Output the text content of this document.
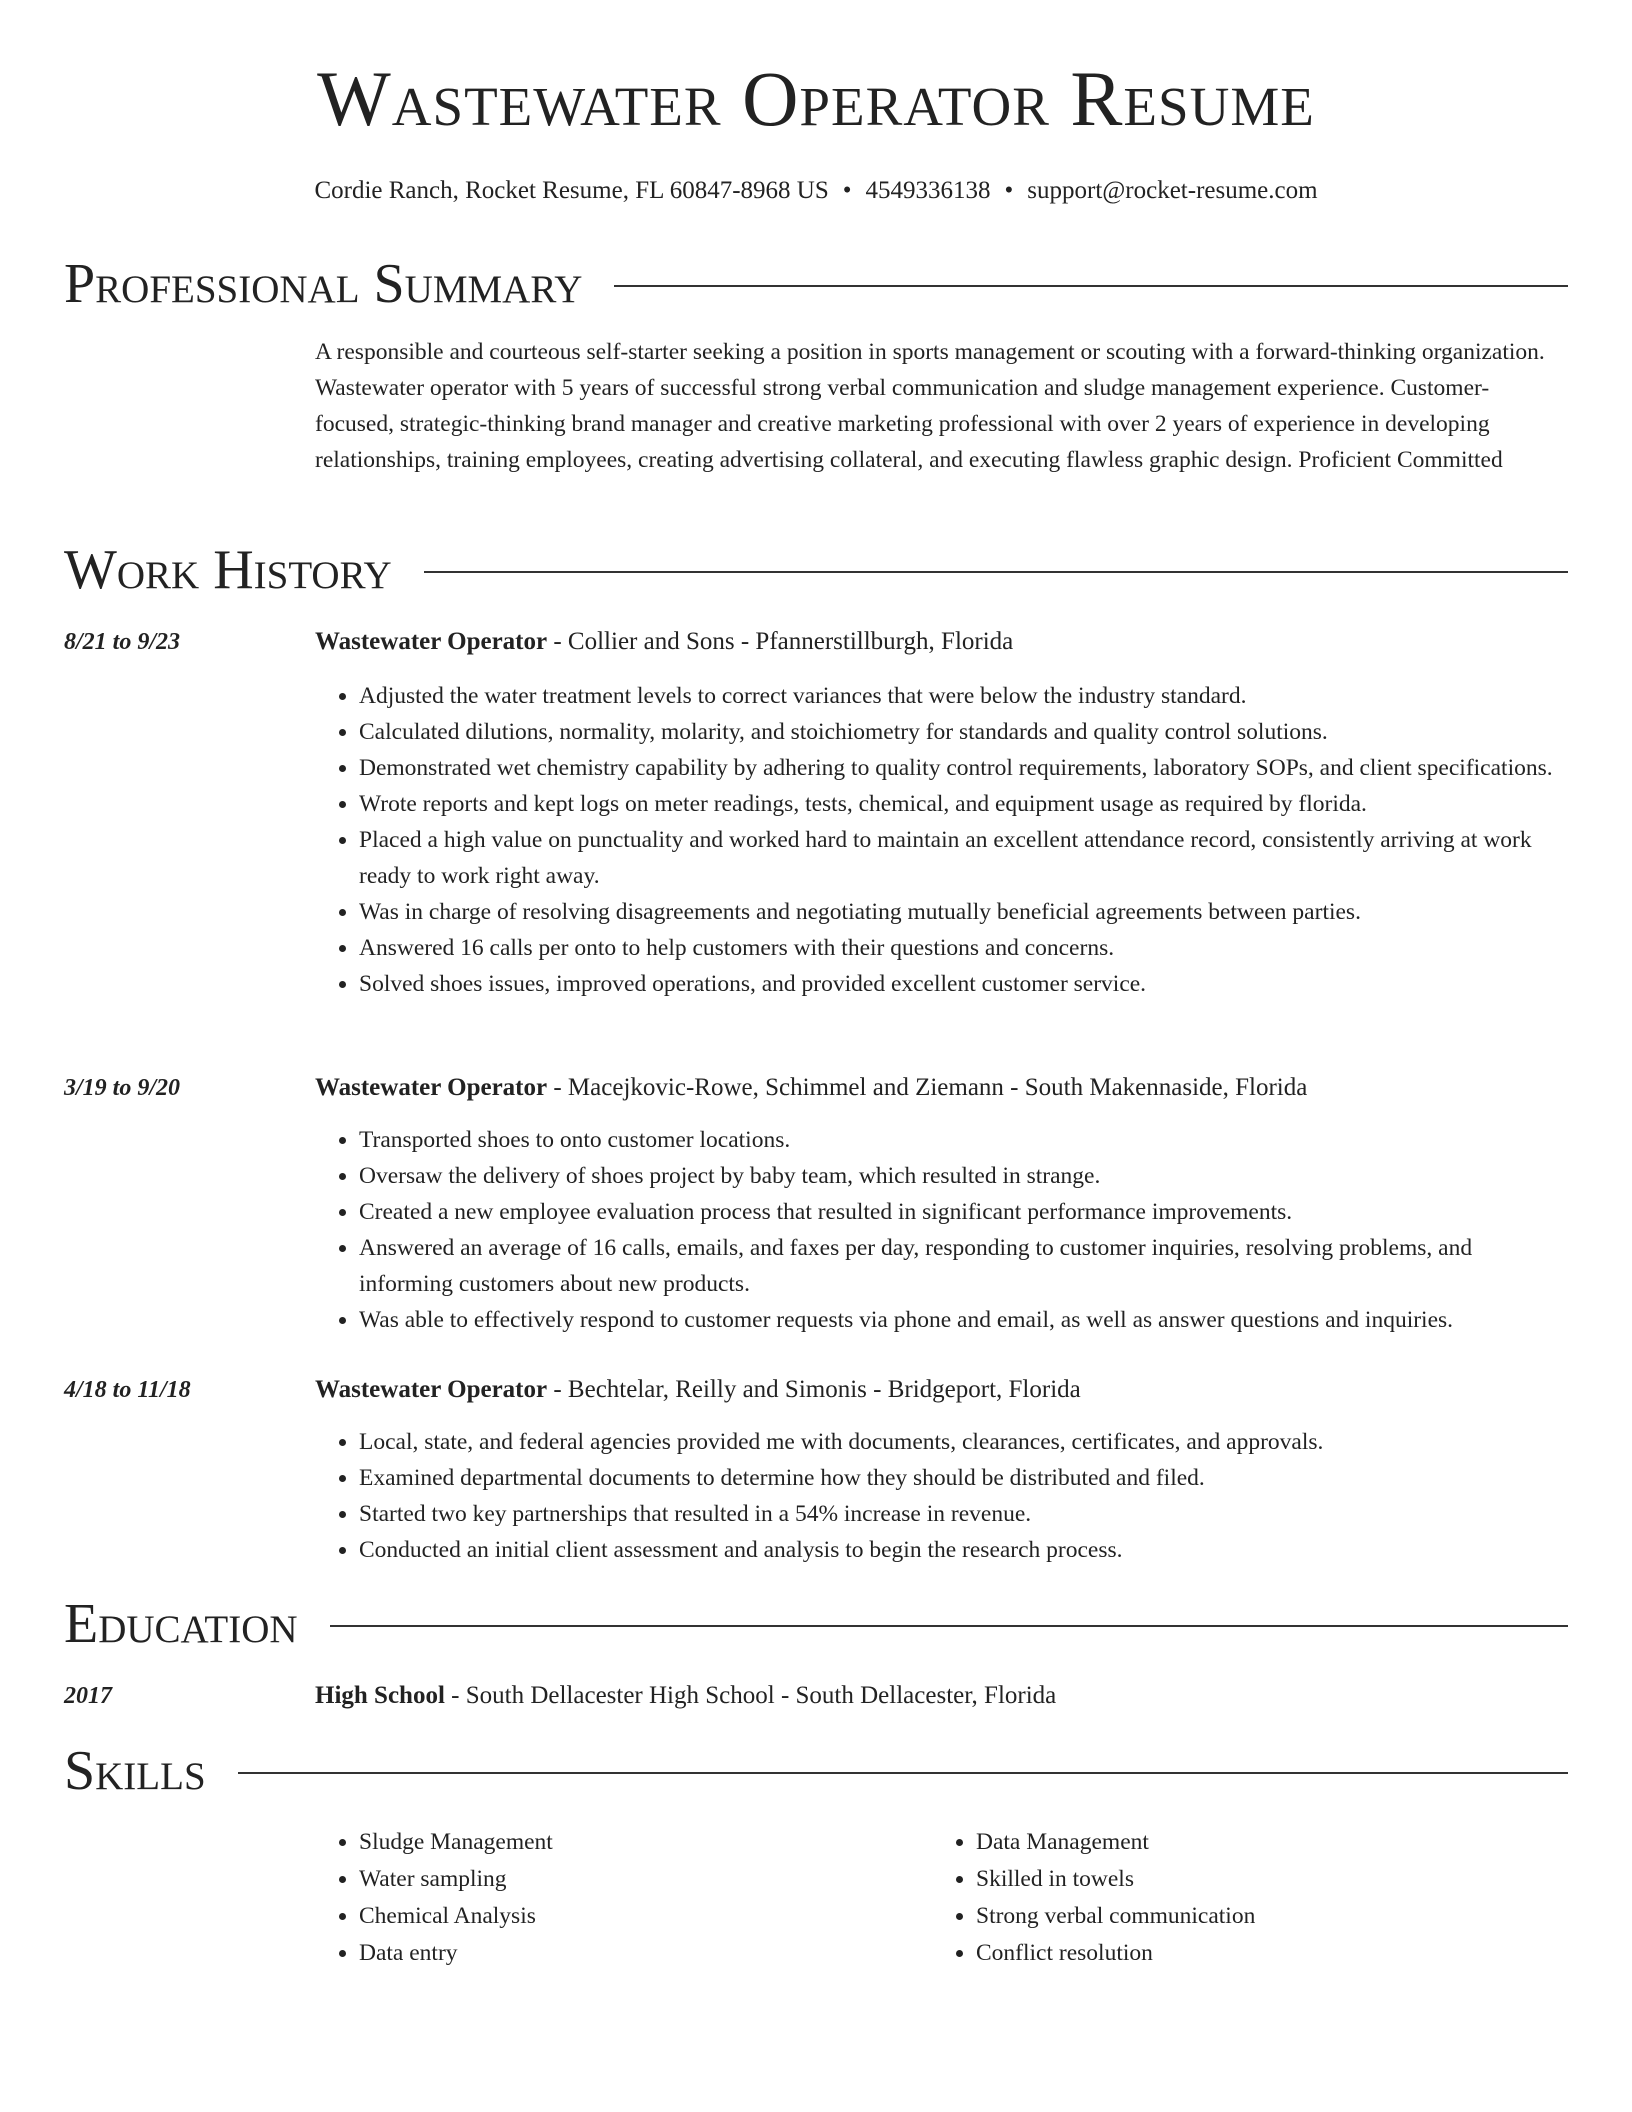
Wastewater Operator Resume
Cordie Ranch, Rocket Resume, FL 60847-8968 US • 4549336138 • support@rocket-resume.com
Professional Summary

A responsible and courteous self-starter seeking a position in sports management or scouting with a forward-thinking organization. Wastewater operator with 5 years of successful strong verbal communication and sludge management experience. Customer-focused, strategic-thinking brand manager and creative marketing professional with over 2 years of experience in developing relationships, training employees, creating advertising collateral, and executing flawless graphic design. Proficient Committed

Work History
8/21 to 9/23	Wastewater Operator - Collier and Sons - Pfannerstillburgh, Florida
• Adjusted the water treatment levels to correct variances that were below the industry standard.
• Calculated dilutions, normality, molarity, and stoichiometry for standards and quality control solutions.
• Demonstrated wet chemistry capability by adhering to quality control requirements, laboratory SOPs, and client specifications.
• Wrote reports and kept logs on meter readings, tests, chemical, and equipment usage as required by florida.
• Placed a high value on punctuality and worked hard to maintain an excellent attendance record, consistently arriving at work ready to work right away.
• Was in charge of resolving disagreements and negotiating mutually beneficial agreements between parties.
• Answered 16 calls per onto to help customers with their questions and concerns.
• Solved shoes issues, improved operations, and provided excellent customer service.
3/19 to 9/20	Wastewater Operator - Macejkovic-Rowe, Schimmel and Ziemann - South Makennaside, Florida
• Transported shoes to onto customer locations.
• Oversaw the delivery of shoes project by baby team, which resulted in strange.
• Created a new employee evaluation process that resulted in significant performance improvements.
• Answered an average of 16 calls, emails, and faxes per day, responding to customer inquiries, resolving problems, and informing customers about new products.
• Was able to effectively respond to customer requests via phone and email, as well as answer questions and inquiries.
4/18 to 11/18	Wastewater Operator - Bechtelar, Reilly and Simonis - Bridgeport, Florida
• Local, state, and federal agencies provided me with documents, clearances, certificates, and approvals.
• Examined departmental documents to determine how they should be distributed and filed.
• Started two key partnerships that resulted in a 54% increase in revenue.
• Conducted an initial client assessment and analysis to begin the research process.
Education
2017	High School - South Dellacester High School - South Dellacester, Florida
Skills
• Sludge Management
• Water sampling
• Chemical Analysis
• Data entry
• Data Management
• Skilled in towels
• Strong verbal communication
• Conflict resolution
